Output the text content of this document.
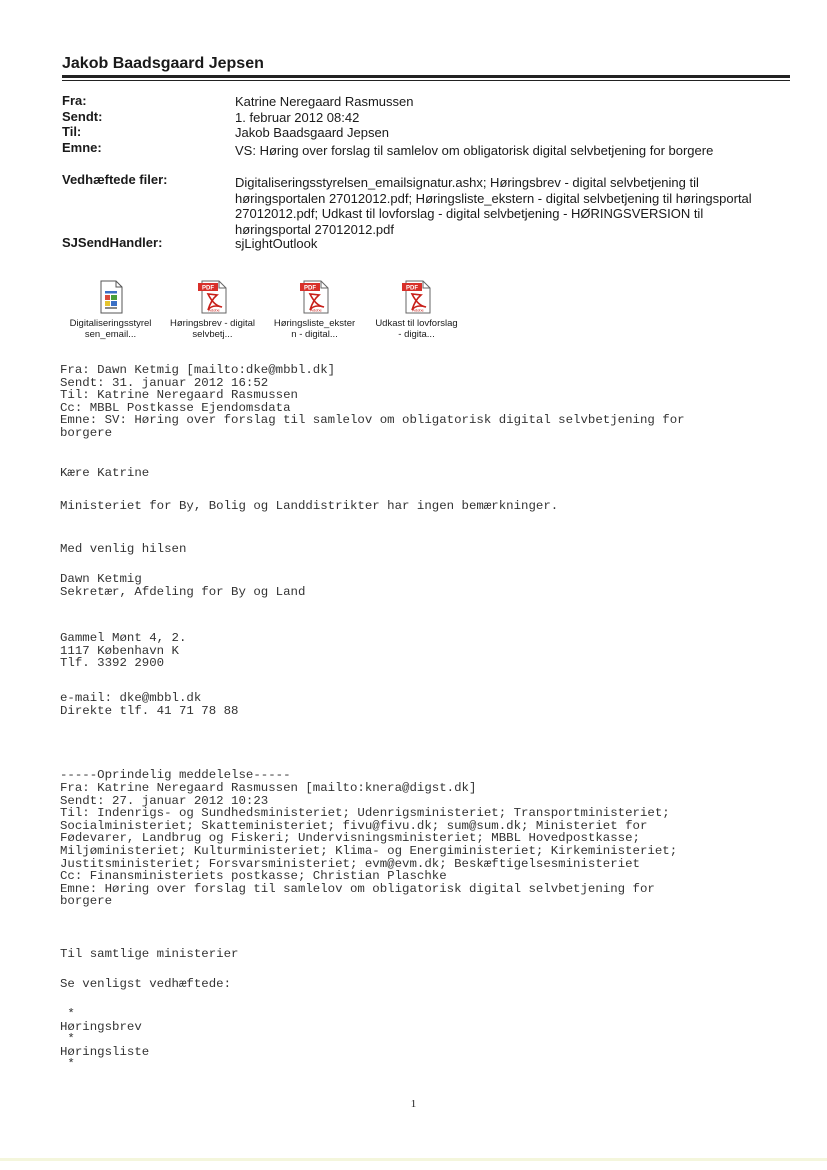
Jakob Baadsgaard Jepsen
Fra:
Sendt:
Til:
Emne:
Katrine Neregaard Rasmussen
1. februar 2012 08:42
Jakob Baadsgaard Jepsen
VS: Høring over forslag til samlelov om obligatorisk digital selvbetjening for borgere
Vedhæftede filer:	Digitaliseringsstyrelsen_emailsignatur.ashx; Høringsbrev - digital selvbetjening til høringsportalen 27012012.pdf; Høringsliste_ekstern - digital selvbetjening til høringsportal 27012012.pdf; Udkast til lovforslag - digital selvbetjening - HØRINGSVERSION til høringsportal 27012012.pdf
SJSendHandler:	sjLightOutlook
Digitaliseringsstyrel
sen_email...
PDF
Adobe
Høringsbrev - digital
selvbetj...
PDF
Adobe
Høringsliste_ekster
n - digital...
PDF
Adobe
Udkast til lovforslag
- digita...
Fra: Dawn Ketmig [mailto:dke@mbbl.dk]
Sendt: 31. januar 2012 16:52
Til: Katrine Neregaard Rasmussen
Cc: MBBL Postkasse Ejendomsdata
Emne: SV: Høring over forslag til samlelov om obligatorisk digital selvbetjening for
borgere
Kære Katrine
Ministeriet for By, Bolig og Landdistrikter har ingen bemærkninger.
Med venlig hilsen
Dawn Ketmig
Sekretær, Afdeling for By og Land
Gammel Mønt 4, 2.
1117 København K
Tlf. 3392 2900
e-mail: dke@mbbl.dk
Direkte tlf. 41 71 78 88
-----Oprindelig meddelelse-----
Fra: Katrine Neregaard Rasmussen [mailto:knera@digst.dk]
Sendt: 27. januar 2012 10:23
Til: Indenrigs- og Sundhedsministeriet; Udenrigsministeriet; Transportministeriet;
Socialministeriet; Skatteministeriet; fivu@fivu.dk; sum@sum.dk; Ministeriet for
Fødevarer, Landbrug og Fiskeri; Undervisningsministeriet; MBBL Hovedpostkasse;
Miljøministeriet; Kulturministeriet; Klima- og Energiministeriet; Kirkeministeriet;
Justitsministeriet; Forsvarsministeriet; evm@evm.dk; Beskæftigelsesministeriet
Cc: Finansministeriets postkasse; Christian Plaschke
Emne: Høring over forslag til samlelov om obligatorisk digital selvbetjening for
borgere
Til samtlige ministerier
Se venligst vedhæftede:
*
Høringsbrev
*
Høringsliste
*
1
